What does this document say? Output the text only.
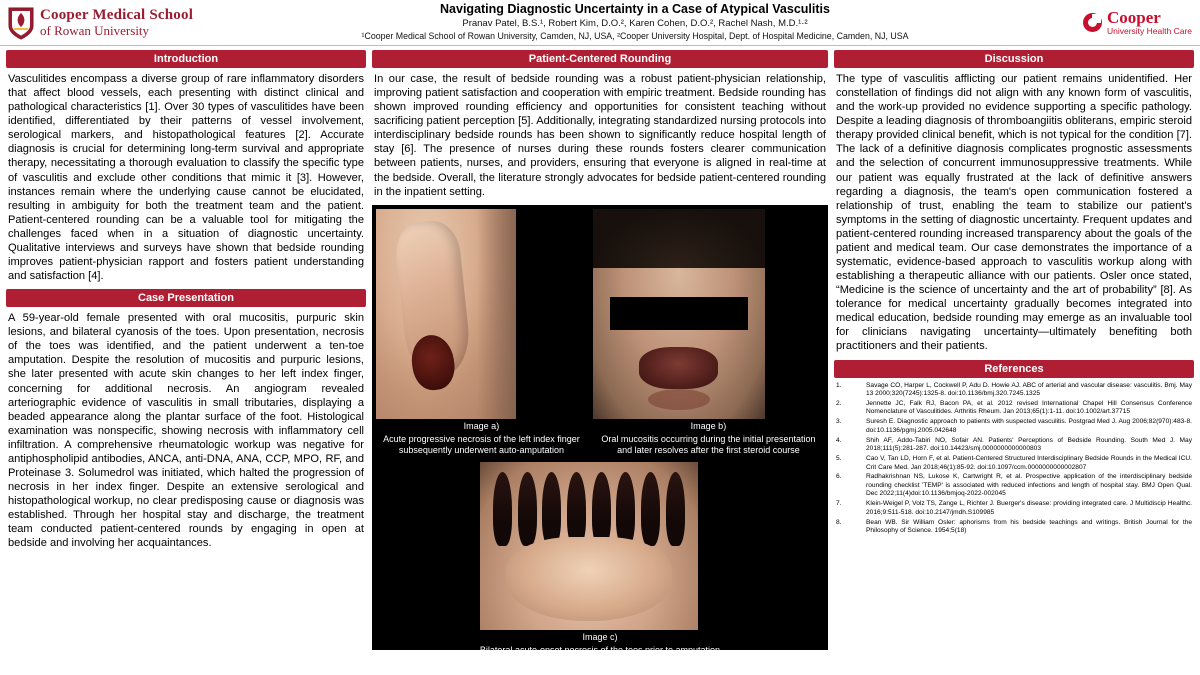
Cooper Medical School
of Rowan University
Navigating Diagnostic Uncertainty in a Case of Atypical Vasculitis
Pranav Patel, B.S.¹, Robert Kim, D.O.², Karen Cohen, D.O.², Rachel Nash, M.D.¹·²
¹Cooper Medical School of Rowan University, Camden, NJ, USA, ²Cooper University Hospital, Dept. of Hospital Medicine, Camden, NJ, USA
Cooper
University Health Care
Introduction

Vasculitides encompass a diverse group of rare inflammatory disorders that affect blood vessels, each presenting with distinct clinical and pathological characteristics [1]. Over 30 types of vasculitides have been identified, differentiated by their patterns of vessel involvement, serological markers, and histopathological features [2]. Accurate diagnosis is crucial for determining long-term survival and appropriate therapy, necessitating a thorough evaluation to classify the specific type of vasculitis and exclude other conditions that mimic it [3]. However, instances remain where the underlying cause cannot be elucidated, resulting in ambiguity for both the treatment team and the patient. Patient-centered rounding can be a valuable tool for mitigating the challenges faced when in a situation of diagnostic uncertainty. Qualitative interviews and surveys have shown that bedside rounding improves patient-physician rapport and fosters patient understanding and satisfaction [4].

Case Presentation

A 59-year-old female presented with oral mucositis, purpuric skin lesions, and bilateral cyanosis of the toes. Upon presentation, necrosis of the toes was identified, and the patient underwent a ten-toe amputation. Despite the resolution of mucositis and purpuric lesions, she later presented with acute skin changes to her left index finger, concerning for additional necrosis. An angiogram revealed arteriographic evidence of vasculitis in small tributaries, displaying a beaded appearance along the plantar surface of the foot. Histological examination was nonspecific, showing necrosis with inflammatory cell infiltration. A comprehensive rheumatologic workup was negative for antiphospholipid antibodies, ANCA, anti-DNA, ANA, CCP, MPO, RF, and Proteinase 3. Solumedrol was initiated, which halted the progression of necrosis in her index finger. Despite an extensive serological and histopathological workup, no clear predisposing cause or diagnosis was established. Through her hospital stay and discharge, the treatment team conducted patient-centered rounds by engaging in open at bedside and involving her acquaintances.

Patient-Centered Rounding

In our case, the result of bedside rounding was a robust patient-physician relationship, improving patient satisfaction and cooperation with empiric treatment. Bedside rounding has shown improved rounding efficiency and opportunities for consistent teaching without sacrificing patient perception [5]. Additionally, integrating standardized nursing protocols into interdisciplinary bedside rounds has been shown to significantly reduce hospital length of stay [6]. The presence of nurses during these rounds fosters clearer communication between patients, nurses, and providers, ensuring that everyone is aligned in real-time at the bedside. Overall, the literature strongly advocates for bedside patient-centered rounding in the inpatient setting.

Image a)
Acute progressive necrosis of the left index finger subsequently underwent auto-amputation
Image b)
Oral mucositis occurring during the initial presentation and later resolves after the first steroid course
Image c)
Bilateral acute-onset necrosis of the toes prior to amputation
Discussion

The type of vasculitis afflicting our patient remains unidentified. Her constellation of findings did not align with any known form of vasculitis, and the work-up provided no evidence supporting a specific pathology. Despite a leading diagnosis of thromboangiitis obliterans, empiric steroid therapy provided clinical benefit, which is not typical for the condition [7]. The lack of a definitive diagnosis complicates prognostic assessments and the selection of concurrent immunosuppressive treatments. While our patient was equally frustrated at the lack of definitive answers regarding a diagnosis, the team's open communication fostered a relationship of trust, enabling the team to stabilize our patient's symptoms in the setting of diagnostic uncertainty. Frequent updates and patient-centered rounding increased transparency about the goals of the patient and medical team. Our case demonstrates the importance of a systematic, evidence-based approach to vasculitis workup along with establishing a therapeutic alliance with our patients. Osler once stated, “Medicine is the science of uncertainty and the art of probability” [8]. As tolerance for medical uncertainty gradually becomes integrated into medical education, bedside rounding may emerge as an invaluable tool for clinicians navigating uncertainty—ultimately benefiting both practitioners and their patients.

References
1.	Savage CO, Harper L, Cockwell P, Adu D. Howie AJ. ABC of arterial and vascular disease: vasculitis. Bmj. May 13 2000;320(7245):1325-8. doi:10.1136/bmj.320.7245.1325
2.	Jennette JC, Falk RJ, Bacon PA, et al. 2012 revised International Chapel Hill Consensus Conference Nomenclature of Vasculitides. Arthritis Rheum. Jan 2013;65(1):1-11. doi:10.1002/art.37715
3.	Suresh E. Diagnostic approach to patients with suspected vasculitis. Postgrad Med J. Aug 2006;82(970):483-8. doi:10.1136/pgmj.2005.042648
4.	Shih AF, Addo-Tabiri NO, Sofair AN. Patients' Perceptions of Bedside Rounding. South Med J. May 2018;111(5):281-287. doi:10.14423/smj.0000000000000803
5.	Cao V, Tan LD, Horn F, et al. Patient-Centered Structured Interdisciplinary Bedside Rounds in the Medical ICU. Crit Care Med. Jan 2018;46(1):85-92. doi:10.1097/ccm.0000000000002807
6.	Radhakrishnan NS, Lukose K, Cartwright R, et al. Prospective application of the interdisciplinary bedside rounding checklist 'TEMP' is associated with reduced infections and length of hospital stay. BMJ Open Qual. Dec 2022;11(4)doi:10.1136/bmjoq-2022-002045
7.	Klein-Weigel P, Volz TS, Zange L, Richter J. Buerger's disease: providing integrated care. J Multidiscip Healthc. 2016;9:511-518. doi:10.2147/jmdh.S109985
8.	Bean WB. Sir William Osler: aphorisms from his bedside teachings and writings. British Journal for the Philosophy of Science. 1954;5(18)
